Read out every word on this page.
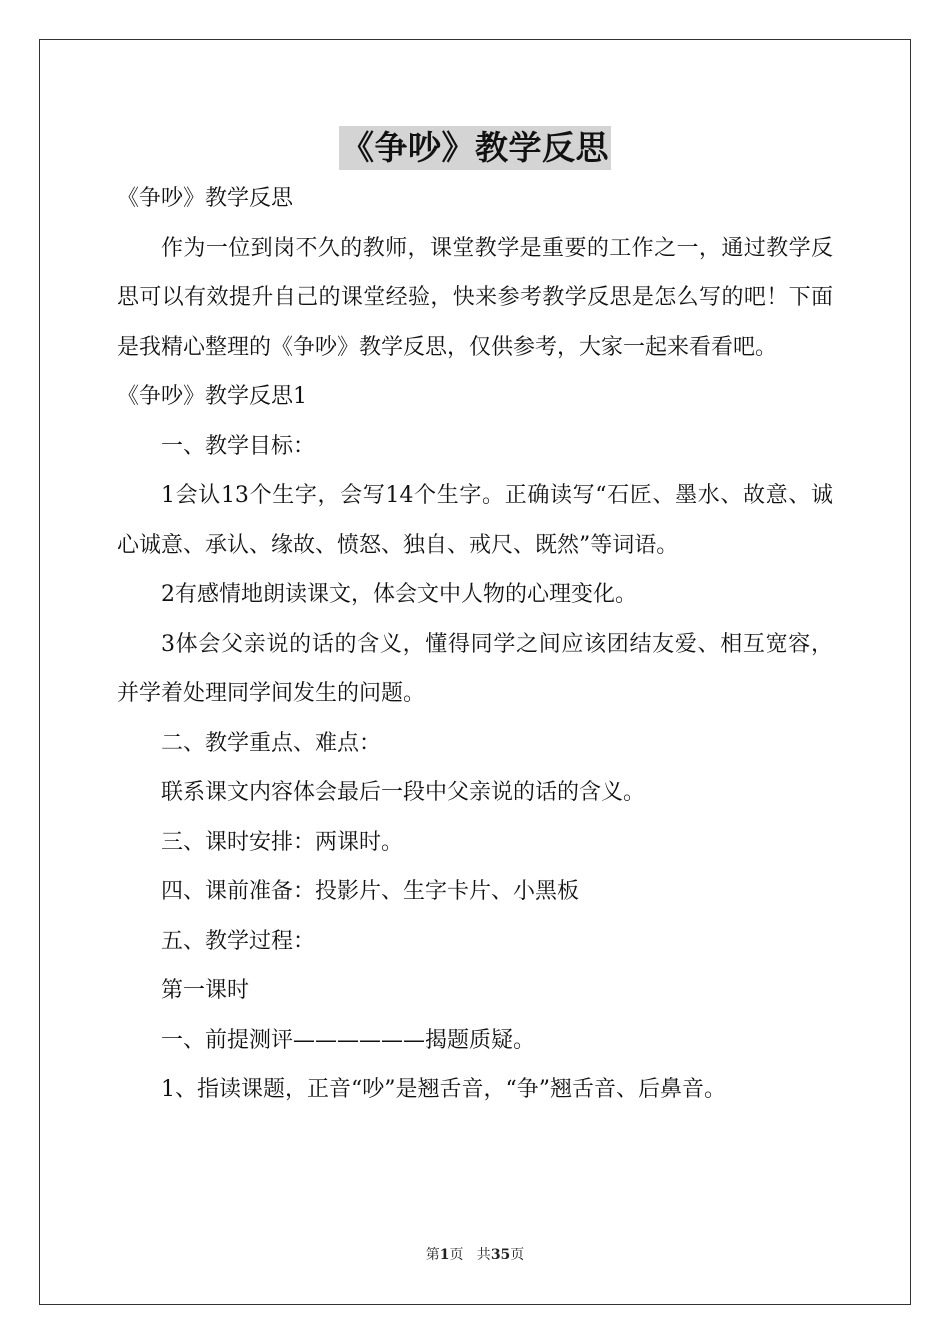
《争吵》教学反思

《争吵》教学反思

作为一位到岗不久的教师，课堂教学是重要的工作之一，通过教学反思可以有效提升自己的课堂经验，快来参考教学反思是怎么写的吧！下面是我精心整理的《争吵》教学反思，仅供参考，大家一起来看看吧。

《争吵》教学反思1

一、教学目标：

1会认13个生字，会写14个生字。正确读写“石匠、墨水、故意、诚心诚意、承认、缘故、愤怒、独自、戒尺、既然”等词语。

2有感情地朗读课文，体会文中人物的心理变化。

3体会父亲说的话的含义，懂得同学之间应该团结友爱、相互宽容，并学着处理同学间发生的问题。

二、教学重点、难点：

联系课文内容体会最后一段中父亲说的话的含义。

三、课时安排：两课时。

四、课前准备：投影片、生字卡片、小黑板

五、教学过程：

第一课时

一、前提测评——————揭题质疑。

1、指读课题，正音“吵”是翘舌音，“争”翘舌音、后鼻音。

第1页   共35页
